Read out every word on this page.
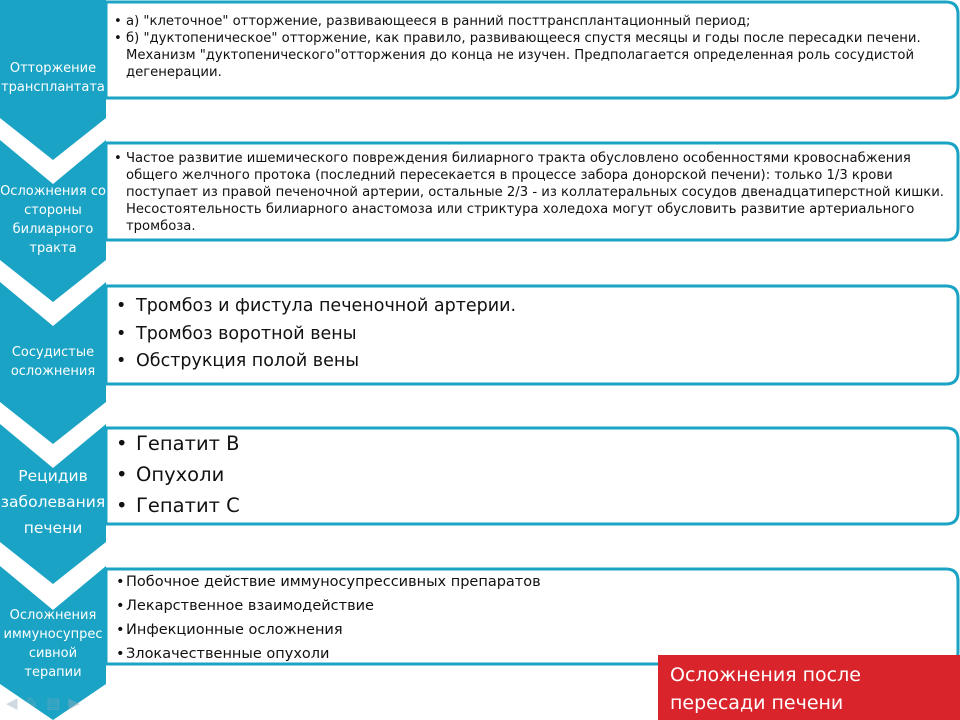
Отторжение
трансплантата
Осложнения со
стороны
билиарного
тракта
Сосудистые
осложнения
Рецидив
заболевания
печени
Осложнения
иммуносупрес
сивной
терапии
• а) "клеточное" отторжение, развивающееся в ранний посттрансплантационный период;
• б) "дуктопеническое" отторжение, как правило, развивающееся спустя месяцы и годы после пересадки печени. Механизм "дуктопенического"отторжения до конца не изучен. Предполагается определенная роль сосудистой дегенерации.
• Частое развитие ишемического повреждения билиарного тракта обусловлено особенностями кровоснабжения общего желчного протока (последний пересекается в процессе забора донорской печени): только 1/3 крови поступает из правой печеночной артерии, остальные 2/3 - из коллатеральных сосудов двенадцатиперстной кишки. Несостоятельность билиарного анастомоза или стриктура холедоха могут обусловить развитие артериального тромбоза.
• Тромбоз и фистула печеночной артерии.
• Тромбоз воротной вены
• Обструкция полой вены
• Гепатит В
• Опухоли
• Гепатит С
• Побочное действие иммуносупрессивных препаратов
• Лекарственное взаимодействие
• Инфекционные осложнения
• Злокачественные опухоли
Осложнения после пересади печени
◀ ✎ ▤ ▶
